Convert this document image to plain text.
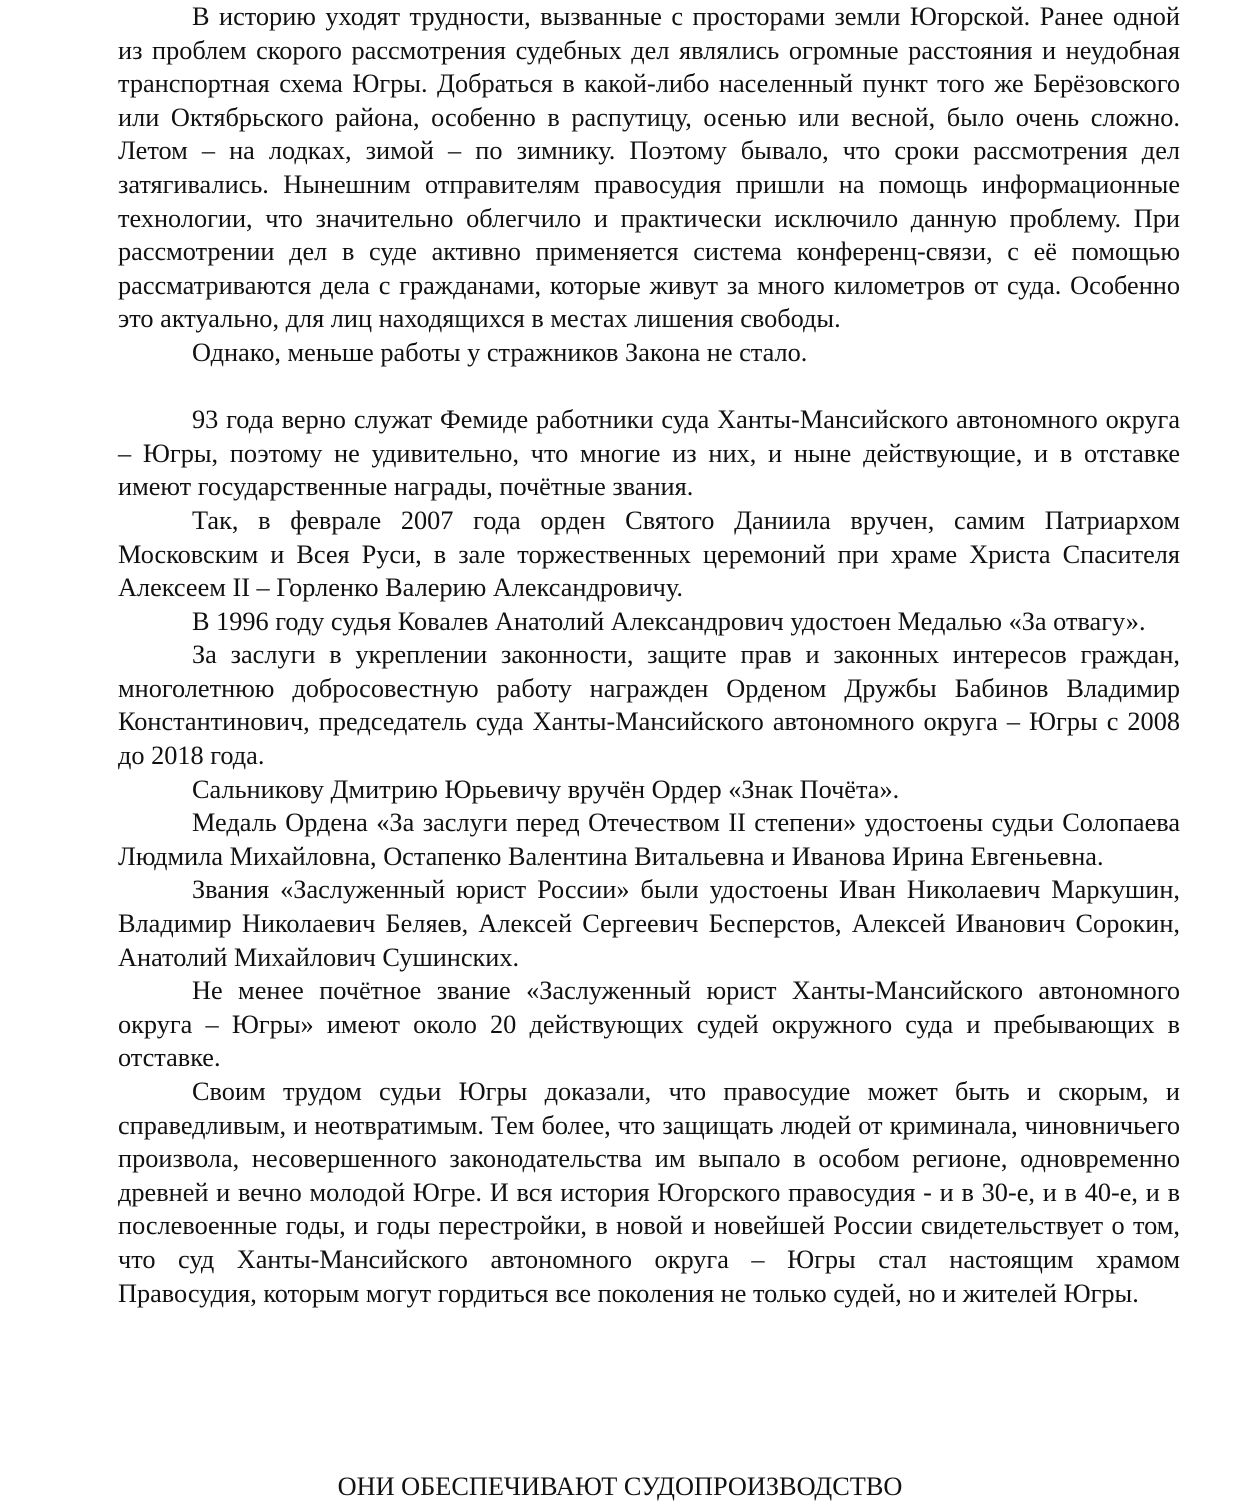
В историю уходят трудности, вызванные с просторами земли Югорской. Ранее одной из проблем скорого рассмотрения судебных дел являлись огромные расстояния и неудобная транспортная схема Югры. Добраться в какой-либо населенный пункт того же Берёзовского или Октябрьского района, особенно в распутицу, осенью или весной, было очень сложно. Летом – на лодках, зимой – по зимнику. Поэтому бывало, что сроки рассмотрения дел затягивались. Нынешним отправителям правосудия пришли на помощь информационные технологии, что значительно облегчило и практически исключило данную проблему. При рассмотрении дел в суде активно применяется система конференц-связи, с её помощью рассматриваются дела с гражданами, которые живут за много километров от суда. Особенно это актуально, для лиц находящихся в местах лишения свободы.

Однако, меньше работы у стражников Закона не стало.

93 года верно служат Фемиде работники суда Ханты-Мансийского автономного округа – Югры, поэтому не удивительно, что многие из них, и ныне действующие, и в отставке имеют государственные награды, почётные звания.

Так, в феврале 2007 года орден Святого Даниила вручен, самим Патриархом Московским и Всея Руси, в зале торжественных церемоний при храме Христа Спасителя Алексеем II – Горленко Валерию Александровичу.

В 1996 году судья Ковалев Анатолий Александрович удостоен Медалью «За отвагу».

За заслуги в укреплении законности, защите прав и законных интересов граждан, многолетнюю добросовестную работу награжден Орденом Дружбы Бабинов Владимир Константинович, председатель суда Ханты-Мансийского автономного округа – Югры с 2008 до 2018 года.

Сальникову Дмитрию Юрьевичу вручён Ордер «Знак Почёта».

Медаль Ордена «За заслуги перед Отечеством II степени» удостоены судьи Солопаева Людмила Михайловна, Остапенко Валентина Витальевна и Иванова Ирина Евгеньевна.

Звания «Заслуженный юрист России» были удостоены Иван Николаевич Маркушин, Владимир Николаевич Беляев, Алексей Сергеевич Бесперстов, Алексей Иванович Сорокин, Анатолий Михайлович Сушинских.

Не менее почётное звание «Заслуженный юрист Ханты-Мансийского автономного округа – Югры» имеют около 20 действующих судей окружного суда и пребывающих в отставке.

Своим трудом судьи Югры доказали, что правосудие может быть и скорым, и справедливым, и неотвратимым. Тем более, что защищать людей от криминала, чиновничьего произвола, несовершенного законодательства им выпало в особом регионе, одновременно древней и вечно молодой Югре. И вся история Югорского правосудия - и в 30-е, и в 40-е, и в послевоенные годы, и годы перестройки, в новой и новейшей России свидетельствует о том, что суд Ханты-Мансийского автономного округа – Югры стал настоящим храмом Правосудия, которым могут гордиться все поколения не только судей, но и жителей Югры.

ОНИ ОБЕСПЕЧИВАЮТ СУДОПРОИЗВОДСТВО
